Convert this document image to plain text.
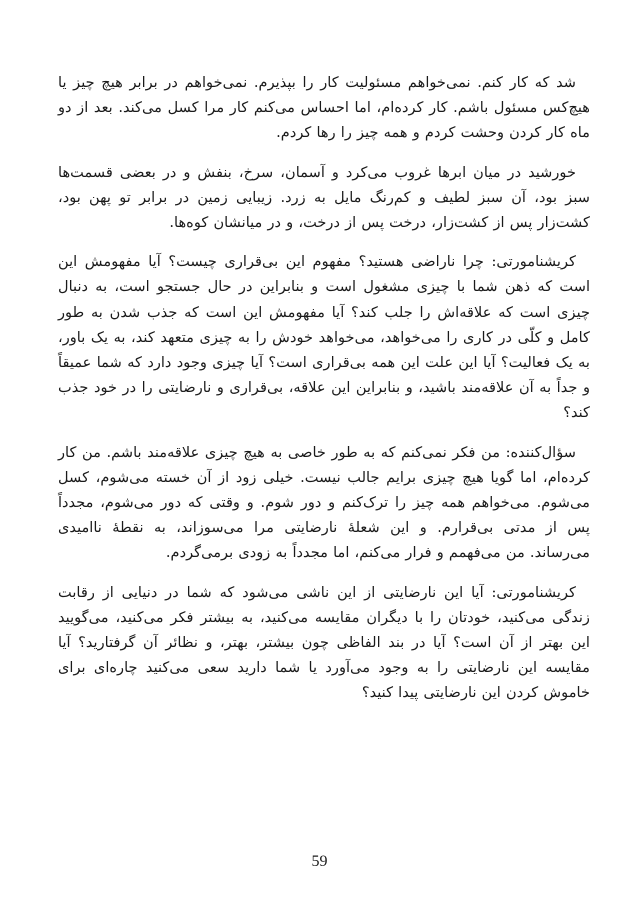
شد که کار کنم. نمی‌خواهم مسئولیت کار را بپذیرم. نمی‌خواهم در برابر هیچ چیز یا هیچ‌کس مسئول باشم. کار کرده‌ام، اما احساس می‌کنم کار مرا کسل می‌کند. بعد از دو ماه کار کردن وحشت کردم و همه چیز را رها کردم.

خورشید در میان ابرها غروب می‌کرد و آسمان، سرخ، بنفش و در بعضی قسمت‌ها سبز بود، آن سبز لطیف و کم‌رنگ مایل به زرد. زیبایی زمین در برابر تو پهن بود، کشت‌زار پس از کشت‌زار، درخت پس از درخت، و در میانشان کوه‌ها.

کریشنامورتی: چرا ناراضی هستید؟ مفهوم این بی‌قراری چیست؟ آیا مفهومش این است که ذهن شما با چیزی مشغول است و بنابراین در حال جستجو است، به دنبال چیزی است که علاقه‌اش را جلب کند؟ آیا مفهومش این است که جذب شدن به طور کامل و کلّی در کاری را می‌خواهد، می‌خواهد خودش را به چیزی متعهد کند، به یک باور، به یک فعالیت؟ آیا این علت این همه بی‌قراری است؟ آیا چیزی وجود دارد که شما عمیقاً و جداً به آن علاقه‌مند باشید، و بنابراین این علاقه، بی‌قراری و نارضایتی را در خود جذب کند؟

سؤال‌کننده: من فکر نمی‌کنم که به طور خاصی به هیچ چیزی علاقه‌مند باشم. من کار کرده‌ام، اما گویا هیچ چیزی برایم جالب نیست. خیلی زود از آن خسته می‌شوم، کسل می‌شوم. می‌خواهم همه چیز را ترک‌کنم و دور شوم. و وقتی که دور می‌شوم، مجدداً پس از مدتی بی‌قرارم. و این شعلهٔ نارضایتی مرا می‌سوزاند، به نقطهٔ ناامیدی می‌رساند. من می‌فهمم و فرار می‌کنم، اما مجدداً به زودی برمی‌گردم.

کریشنامورتی: آیا این نارضایتی از این ناشی می‌شود که شما در دنیایی از رقابت زندگی می‌کنید، خودتان را با دیگران مقایسه می‌کنید، به بیشتر فکر می‌کنید، می‌گویید این بهتر از آن است؟ آیا در بند الفاظی چون بیشتر، بهتر، و نظائر آن گرفتارید؟ آیا مقایسه این نارضایتی را به وجود می‌آورد یا شما دارید سعی می‌کنید چاره‌ای برای خاموش کردن این نارضایتی پیدا کنید؟

59
